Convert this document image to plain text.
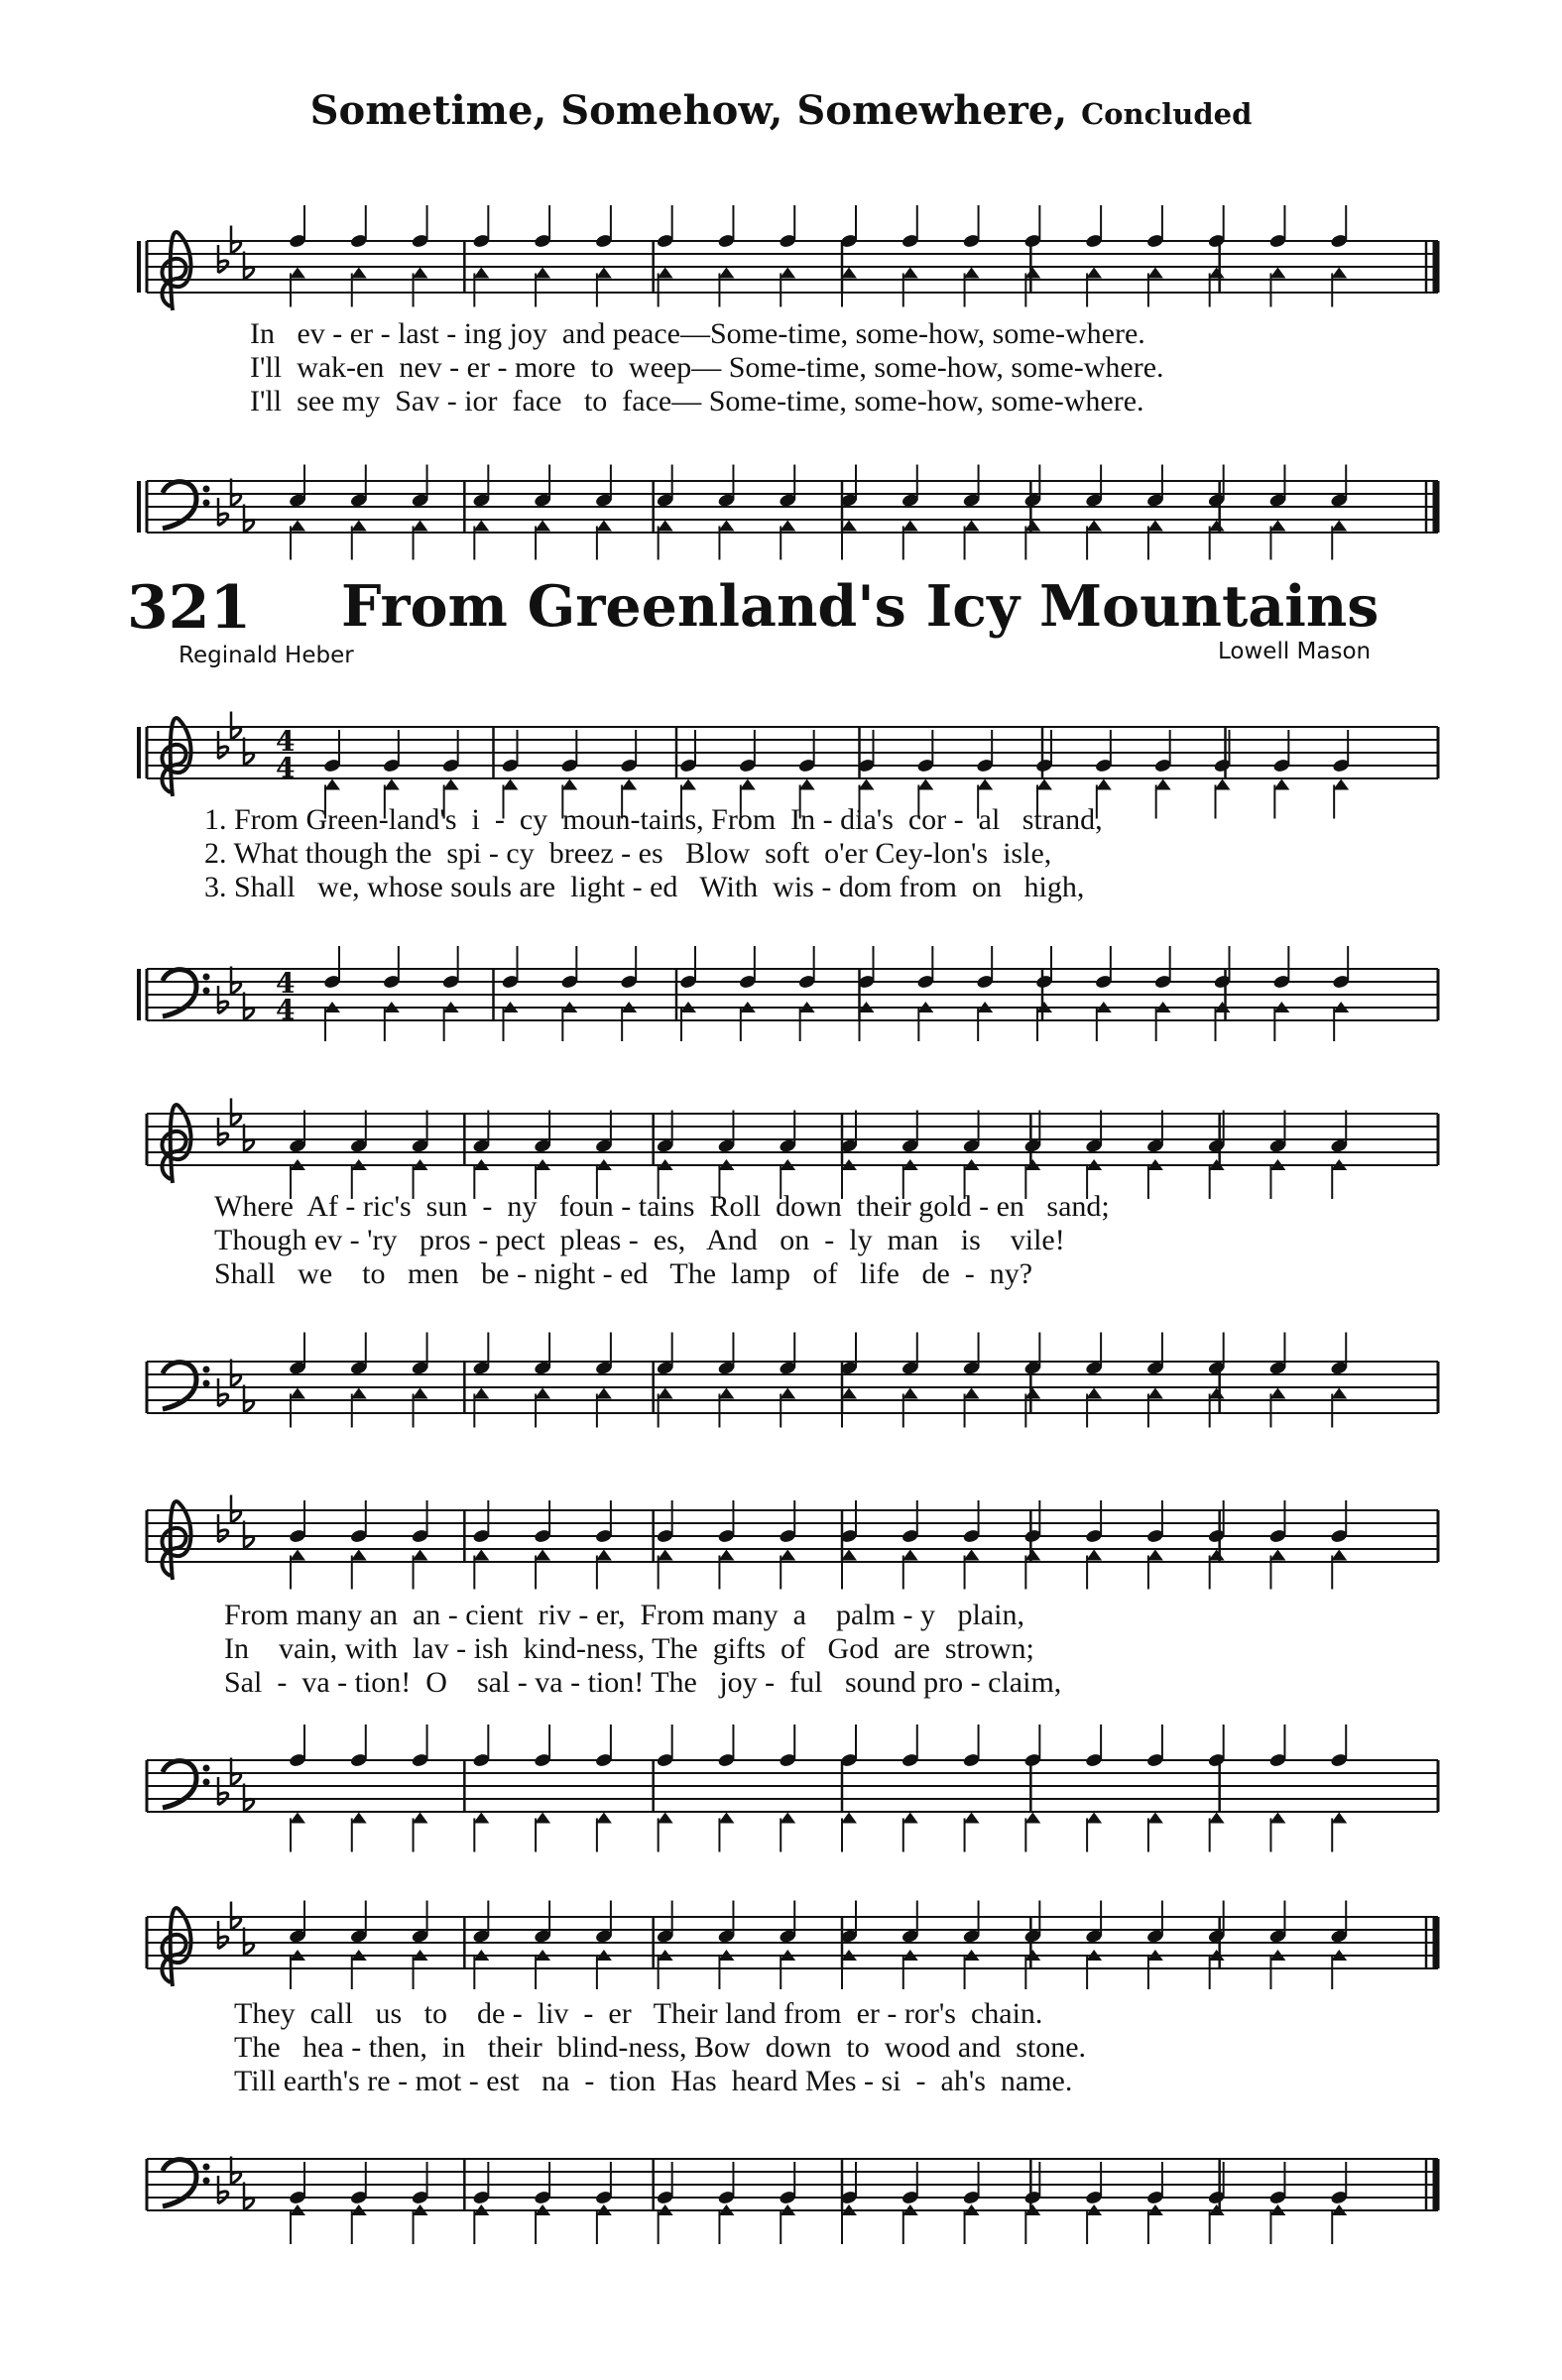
Sometime, Somehow, Somewhere, Concluded
In   ev - er - last - ing joy  and peace—Some-time, some-how, some-where.
I'll  wak-en  nev - er - more  to  weep— Some-time, some-how, some-where.
I'll  see my  Sav - ior  face   to  face— Some-time, some-how, some-where.
321 From Greenland's Icy Mountains
Reginald Heber	Lowell Mason
4
4
1. From Green-land's  i  -  cy  moun-tains, From  In - dia's  cor -  al   strand,
2. What though the  spi - cy  breez - es   Blow  soft  o'er Cey-lon's  isle,
3. Shall   we, whose souls are  light - ed   With  wis - dom from  on   high,
4
4
Where  Af - ric's  sun  -  ny   foun - tains  Roll  down  their gold - en   sand;
Though ev - 'ry   pros - pect  pleas -  es,   And   on  -  ly  man   is    vile!
Shall   we    to   men   be - night - ed   The  lamp   of   life   de  -  ny?
From many an  an - cient  riv - er,  From many  a    palm - y   plain,
In    vain, with  lav - ish  kind-ness, The  gifts  of   God  are  strown;
Sal  -  va - tion!  O    sal - va - tion! The   joy -  ful   sound pro - claim,
They  call   us   to    de -  liv  -  er   Their land from  er - ror's  chain.
The   hea - then,  in   their  blind-ness, Bow  down  to  wood and  stone.
Till earth's re - mot - est   na  -  tion  Has  heard Mes - si  -  ah's  name.
